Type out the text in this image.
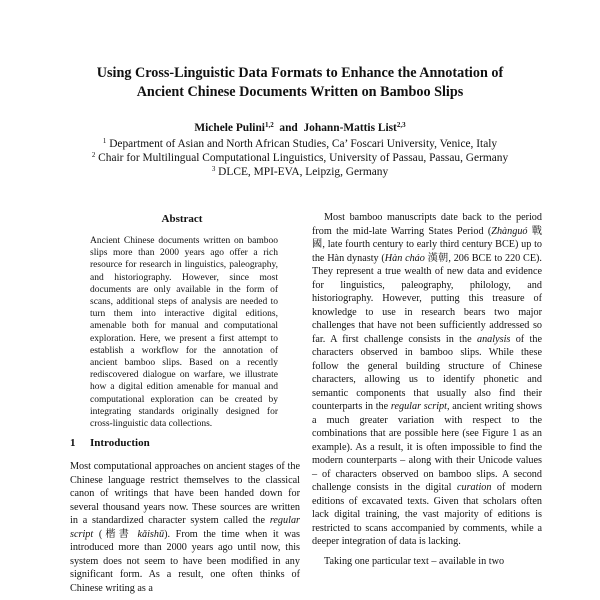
Using Cross-Linguistic Data Formats to Enhance the Annotation of
Ancient Chinese Documents Written on Bamboo Slips
Michele Pulini$^{1,2}$ and Johann-Mattis List$^{2,3}$
$^1$ Department of Asian and North African Studies, Ca’ Foscari University, Venice, Italy
$^2$ Chair for Multilingual Computational Linguistics, University of Passau, Passau, Germany
$^3$ DLCE, MPI-EVA, Leipzig, Germany
Abstract
Ancient Chinese documents written on bamboo slips more than 2000 years ago offer a rich resource for research in linguistics, paleography, and historiography. However, since most documents are only available in the form of scans, additional steps of analysis are needed to turn them into interactive digital editions, amenable both for manual and computational exploration. Here, we present a first attempt to establish a workflow for the annotation of ancient bamboo slips. Based on a recently rediscovered dialogue on warfare, we illustrate how a digital edition amenable for manual and computational exploration can be created by integrating standards originally designed for cross-linguistic data collections.
1 Introduction

Most computational approaches on ancient stages of the Chinese language restrict themselves to the classical canon of writings that have been handed down for several thousand years now. These sources are written in a standardized character system called the regular script (楷書 kǎishū). From the time when it was introduced more than 2000 years ago until now, this system does not seem to have been modified in any significant form. As a result, one often thinks of Chinese writing as a

Most bamboo manuscripts date back to the period from the mid-late Warring States Period (Zhànguó 戰國, late fourth century to early third century BCE) up to the Hàn dynasty (Hàn cháo 漢朝, 206 BCE to 220 CE). They represent a true wealth of new data and evidence for linguistics, paleography, philology, and historiography. However, putting this treasure of knowledge to use in research bears two major challenges that have not been sufficiently addressed so far. A first challenge consists in the analysis of the characters observed in bamboo slips. While these follow the general building structure of Chinese characters, allowing us to identify phonetic and semantic components that usually also find their counterparts in the regular script, ancient writing shows a much greater variation with respect to the combinations that are possible here (see Figure 1 as an example). As a result, it is often impossible to find the modern counterparts – along with their Unicode values – of characters observed on bamboo slips. A second challenge consists in the digital curation of modern editions of excavated texts. Given that scholars often lack digital training, the vast majority of editions is restricted to scans accompanied by comments, while a deeper integration of data is lacking.

Taking one particular text – available in two
